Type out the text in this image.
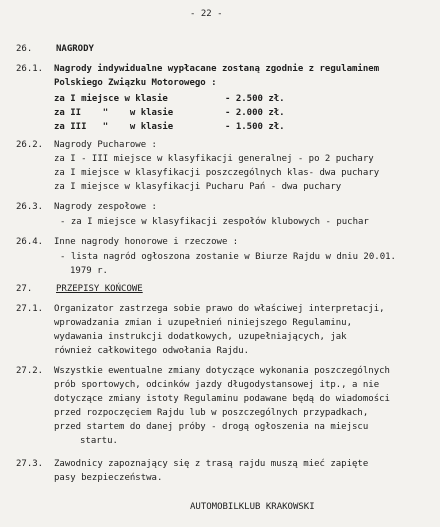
- 22 -
26.	NAGRODY
26.1. Nagrody indywidualne wypłacane zostaną zgodnie z regulaminem
Polskiego Związku Motorowego :
za I miejsce w klasie	- 2.500 zł.
za II    "    w klasie	- 2.000 zł.
za III   "    w klasie	- 1.500 zł.
26.2. Nagrody Pucharowe :
za I - III miejsce w klasyfikacji generalnej - po 2 puchary
za I miejsce w klasyfikacji poszczególnych klas- dwa puchary
za I miejsce w klasyfikacji Pucharu Pań - dwa puchary
26.3. Nagrody zespołowe :
- za I miejsce w klasyfikacji zespołów klubowych - puchar
26.4. Inne nagrody honorowe i rzeczowe :
- lista nagród ogłoszona zostanie w Biurze Rajdu w dniu 20.01.
1979 r.
27.	PRZEPISY KOŃCOWE
27.1. Organizator zastrzega sobie prawo do właściwej interpretacji,
wprowadzania zmian i uzupełnień niniejszego Regulaminu,
wydawania instrukcji dodatkowych, uzupełniających, jak
również całkowitego odwołania Rajdu.
27.2. Wszystkie ewentualne zmiany dotyczące wykonania poszczególnych
prób sportowych, odcinków jazdy długodystansowej itp., a nie
dotyczące zmiany istoty Regulaminu podawane będą do wiadomości
przed rozpoczęciem Rajdu lub w poszczególnych przypadkach,
przed startem do danej próby - drogą ogłoszenia na miejscu
startu.
27.3. Zawodnicy zapoznający się z trasą rajdu muszą mieć zapięte
pasy bezpieczeństwa.
AUTOMOBILKLUB KRAKOWSKI
